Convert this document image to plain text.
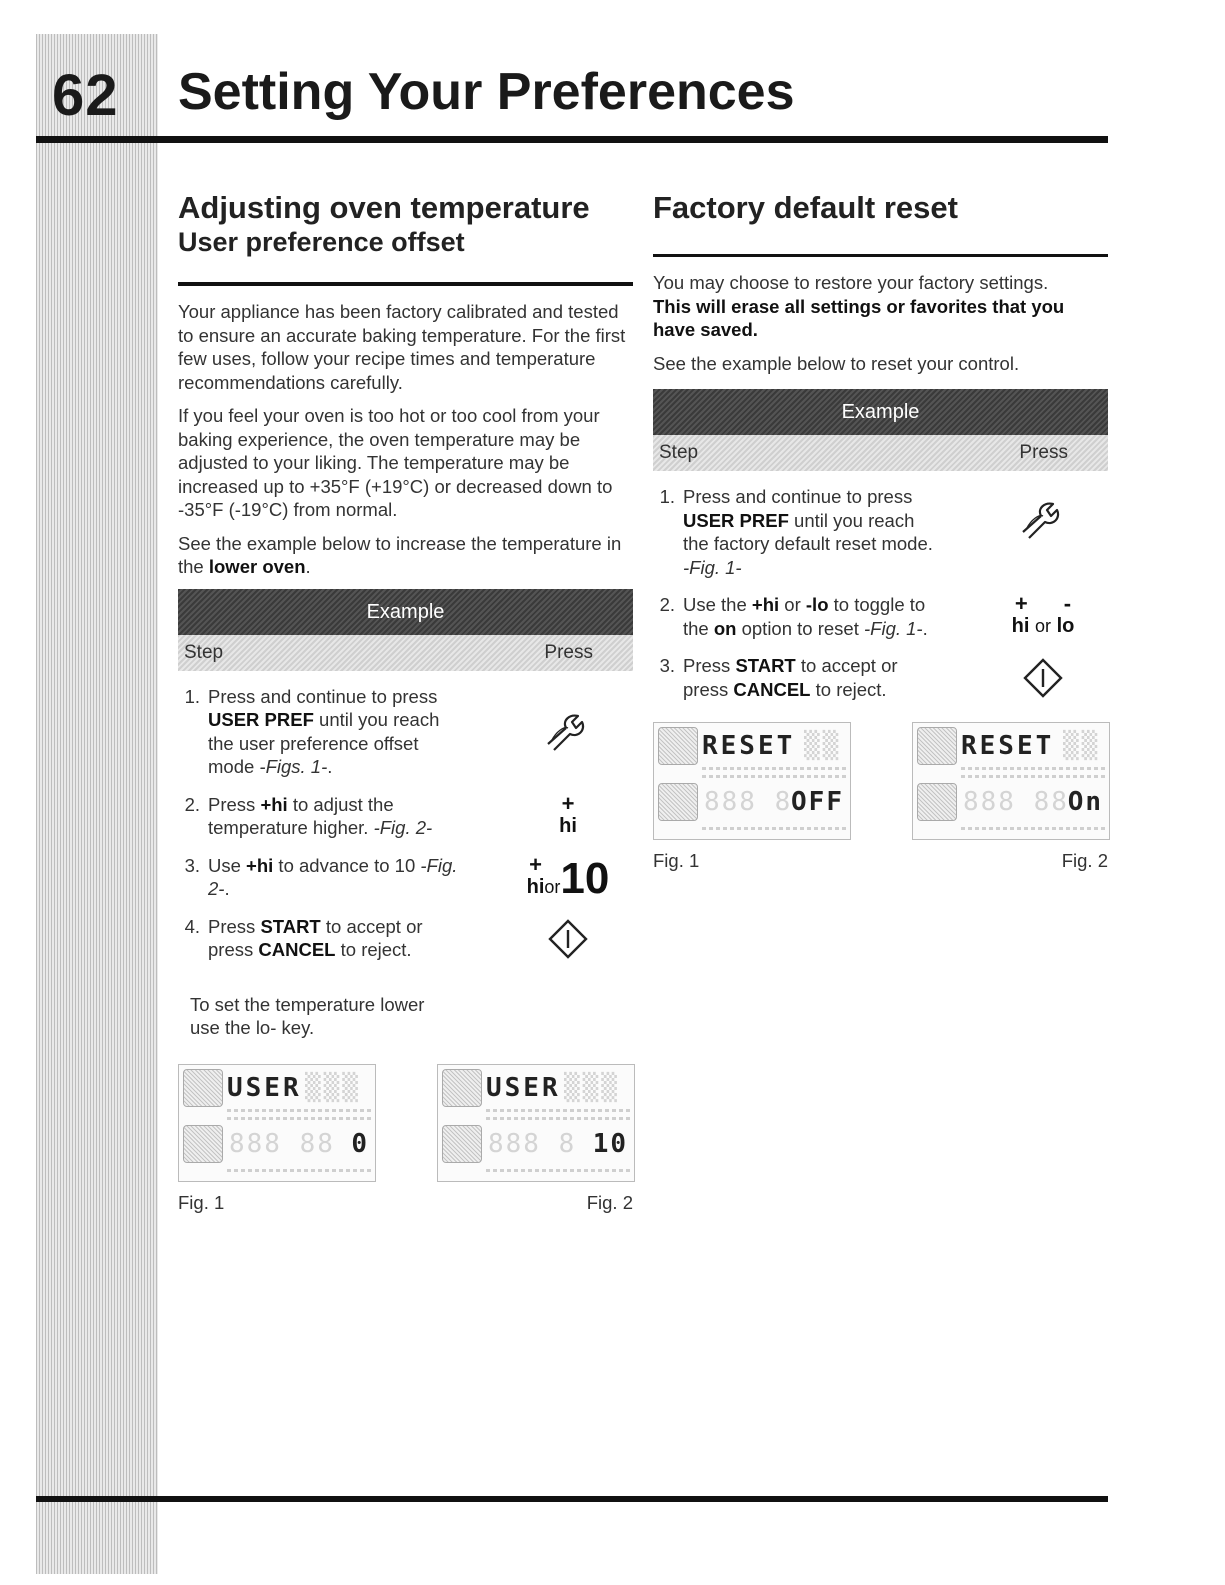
62 Setting Your Preferences
Adjusting oven temperature
User preference offset

Your appliance has been factory calibrated and tested to ensure an accurate baking temperature. For the first few uses, follow your recipe times and temperature recommendations carefully.

If you feel your oven is too hot or too cool from your baking experience, the oven temperature may be adjusted to your liking. The temperature may be increased up to +35°F (+19°C) or decreased down to -35°F (-19°C) from normal.

See the example below to increase the temperature in the lower oven.

Example
Step	Press
1. Press and continue to press
USER PREF until you reach
the user preference offset
mode -Figs. 1-.
2. Press +hi to adjust the
temperature higher. -Fig. 2-
+
hi
3. Use +hi to advance to 10 -Fig.
2-.
+
hi or 10
4. Press START to accept or
press CANCEL to reject.
To set the temperature lower
use the lo- key.
USER ▒▒▒
888 88 0
Fig. 1
USER ▒▒▒
888 8 10
Fig. 2
Factory default reset

You may choose to restore your factory settings.

This will erase all settings or favorites that you have saved.

See the example below to reset your control.

Example
Step	Press
1. Press and continue to press
USER PREF until you reach
the factory default reset mode.
-Fig. 1-
2. Use the +hi or -lo to toggle to
the on option to reset -Fig. 1-.
+-
hi or lo
3. Press START to accept or
press CANCEL to reject.
RESET ▒▒
888 8
OFF
Fig. 1
RESET ▒▒
888 88
On
Fig. 2
